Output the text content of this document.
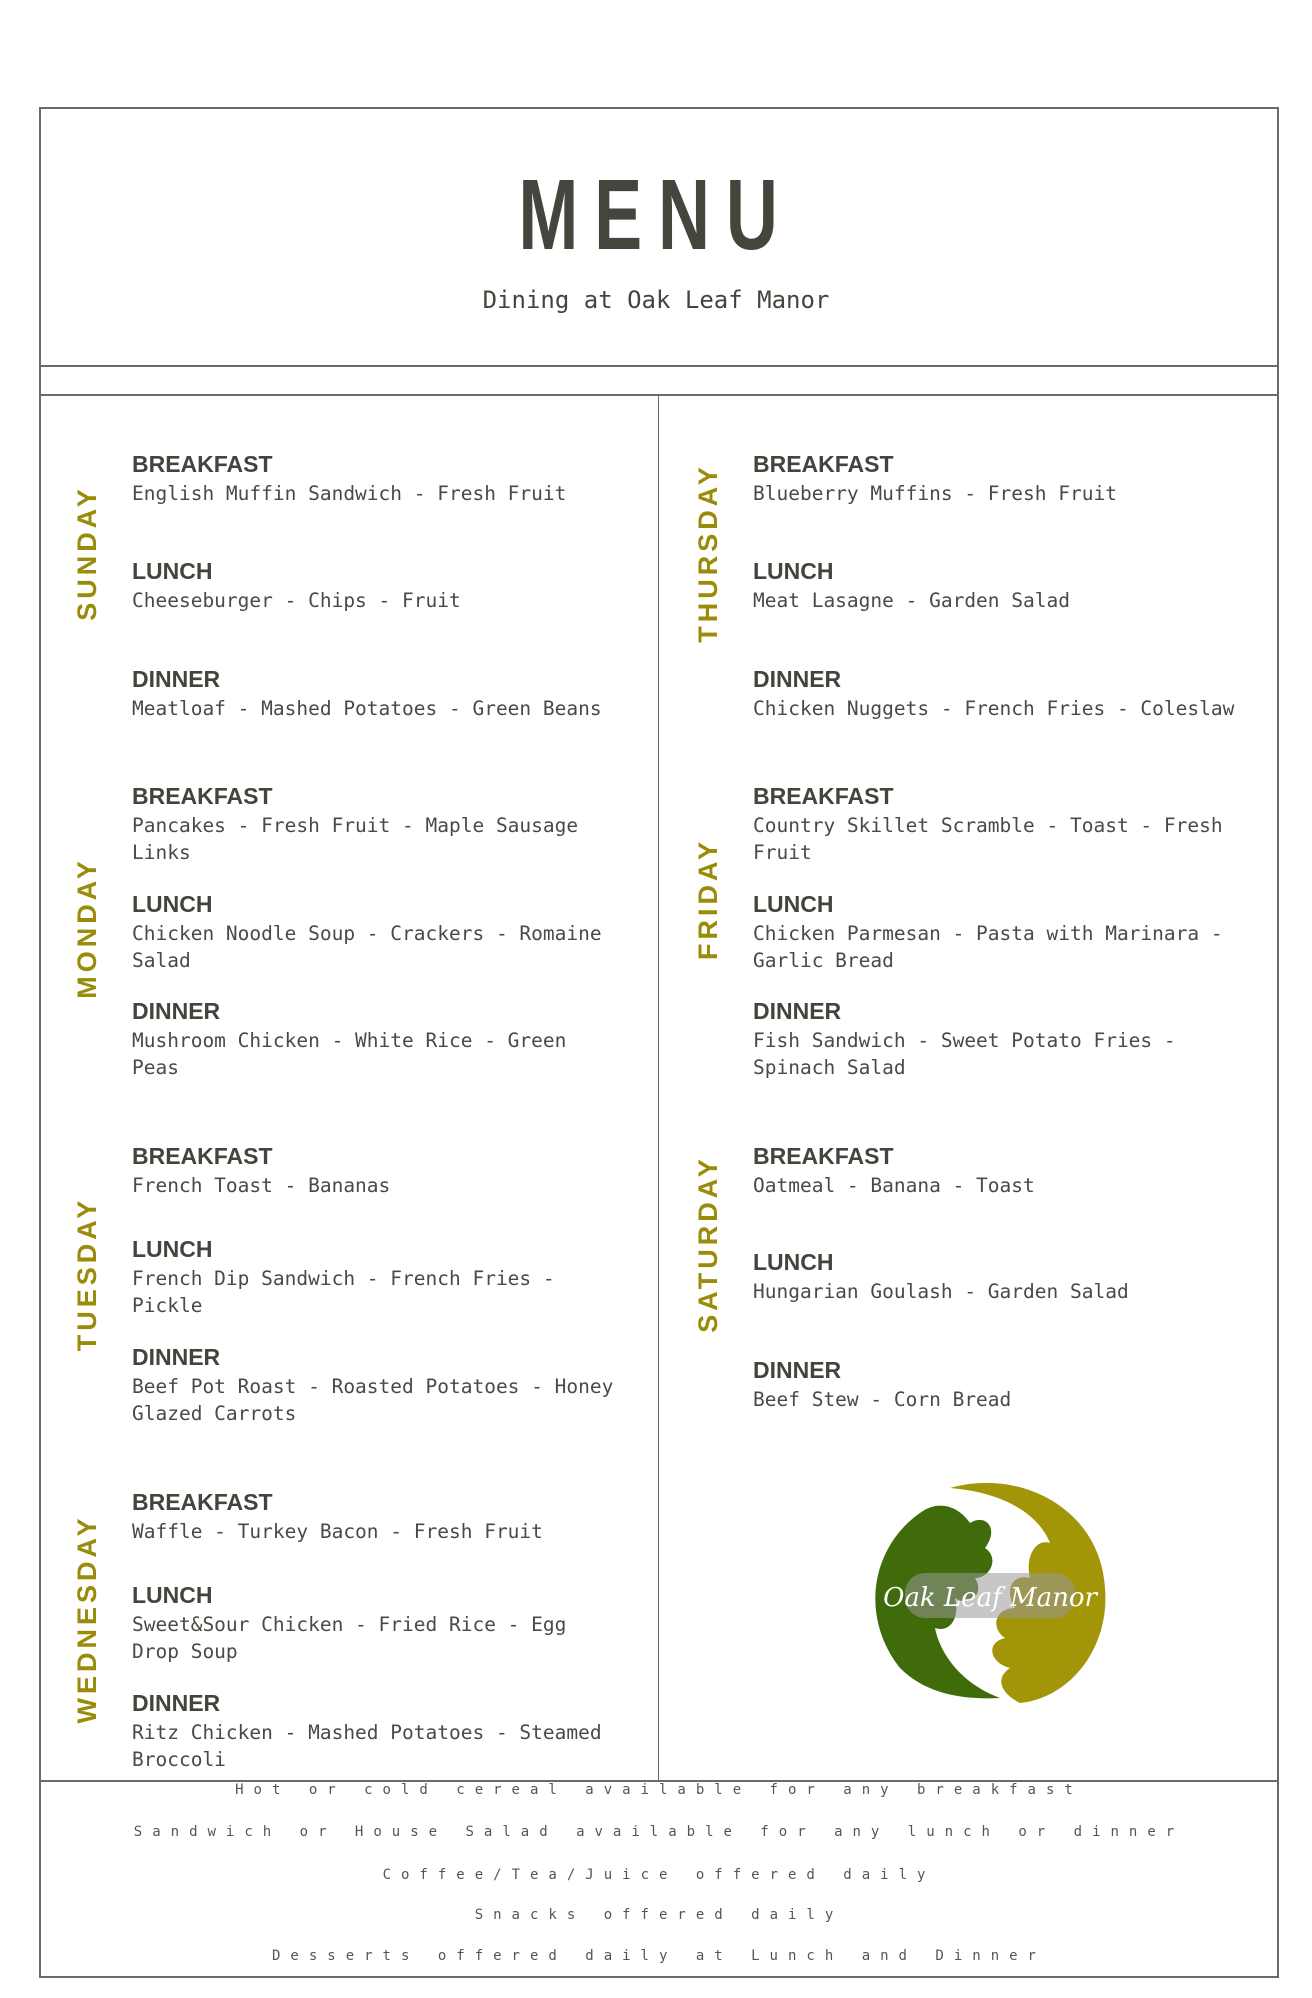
MENU
Dining at Oak Leaf Manor
SUNDAY
BREAKFAST

English Muffin Sandwich - Fresh Fruit

LUNCH

Cheeseburger - Chips - Fruit

DINNER

Meatloaf - Mashed Potatoes - Green Beans

MONDAY
BREAKFAST

Pancakes - Fresh Fruit - Maple Sausage Links

LUNCH

Chicken Noodle Soup - Crackers - Romaine Salad

DINNER

Mushroom Chicken - White Rice - Green Peas

TUESDAY
BREAKFAST

French Toast - Bananas

LUNCH

French Dip Sandwich - French Fries - Pickle

DINNER

Beef Pot Roast - Roasted Potatoes - Honey Glazed Carrots

WEDNESDAY
BREAKFAST

Waffle - Turkey Bacon - Fresh Fruit

LUNCH

Sweet&Sour Chicken - Fried Rice - Egg Drop Soup

DINNER

Ritz Chicken - Mashed Potatoes - Steamed Broccoli

THURSDAY BREAKFAST

Blueberry Muffins - Fresh Fruit

LUNCH

Meat Lasagne - Garden Salad

DINNER

Chicken Nuggets - French Fries - Coleslaw

FRIDAY
BREAKFAST

Country Skillet Scramble - Toast - Fresh Fruit

LUNCH

Chicken Parmesan - Pasta with Marinara - Garlic Bread

DINNER

Fish Sandwich - Sweet Potato Fries - Spinach Salad

SATURDAY BREAKFAST

Oatmeal - Banana - Toast

LUNCH

Hungarian Goulash - Garden Salad

DINNER

Beef Stew - Corn Bread

Oak Leaf Manor
Hot or cold cereal available for any breakfast
Sandwich or House Salad available for any lunch or dinner
Coffee/Tea/Juice offered daily
Snacks offered daily
Desserts offered daily at Lunch and Dinner
